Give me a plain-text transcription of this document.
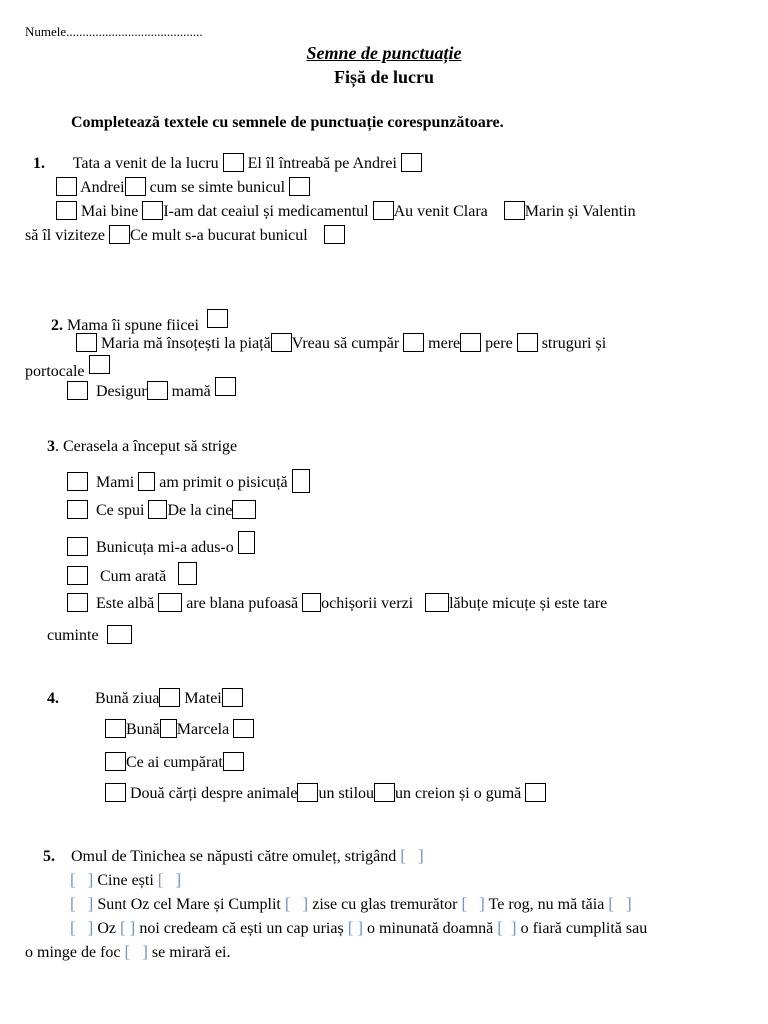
Numele..........................................
Semne de punctuație
Fișă de lucru
Completează textele cu semnele de punctuație corespunzătoare.
1. Tata a venit de la lucru El îl întreabă pe Andrei
Andrei cum se simte bunicul
Mai bine I-am dat ceaiul și medicamentul Au venit Clara Marin și Valentin
să îl viziteze Ce mult s-a bucurat bunicul
2. Mama îi spune fiicei
Maria mă însoțești la piață Vreau să cumpăr mere pere struguri și
portocale
Desigur mamă
3. Cerasela a început să strige
Mami am primit o pisicuță
Ce spui De la cine
Bunicuța mi-a adus-o
Cum arată
Este albă are blana pufoasă ochișorii verzi lăbuțe micuțe și este tare
cuminte
4. Bună ziua Matei
Bună Marcela
Ce ai cumpărat
Două cărți despre animale un stilou un creion și o gumă
5. Omul de Tinichea se năpusti către omuleț, strigând [ ]
[ ] Cine ești [ ]
[ ] Sunt Oz cel Mare și Cumplit [ ] zise cu glas tremurător [ ] Te rog, nu mă tăia [ ]
[ ] Oz [ ] noi credeam că ești un cap uriaș [ ] o minunată doamnă [ ] o fiară cumplită sau
o minge de foc [ ] se mirară ei.
